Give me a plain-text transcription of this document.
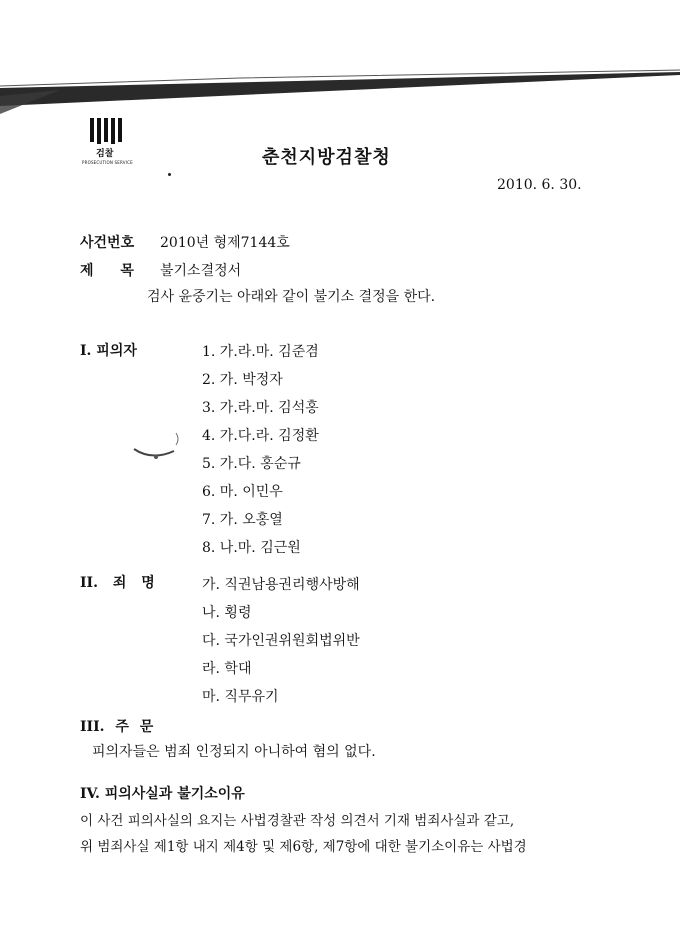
검찰
PROSECUTION SERVICE	춘천지방검찰청
2010. 6. 30.
사건번호 2010년 형제7144호
제 목 불기소결정서
검사 윤중기는 아래와 같이 불기소 결정을 한다.
I. 피의자	1. 가.라.마. 김준겸
2. 가. 박정자
3. 가.라.마. 김석홍
4. 가.다.라. 김정환
5. 가.다. 홍순규
6. 마. 이민우
7. 가. 오홍열
8. 나.마. 김근원
II. 죄 명	가. 직권남용권리행사방해
나. 횡령
다. 국가인권위원회법위반
라. 학대
마. 직무유기
III. 주 문
피의자들은 범죄 인정되지 아니하여 혐의 없다.
IV. 피의사실과 불기소이유
이 사건 피의사실의 요지는 사법경찰관 작성 의견서 기재 범죄사실과 같고,
위 범죄사실 제1항 내지 제4항 및 제6항, 제7항에 대한 불기소이유는 사법경
